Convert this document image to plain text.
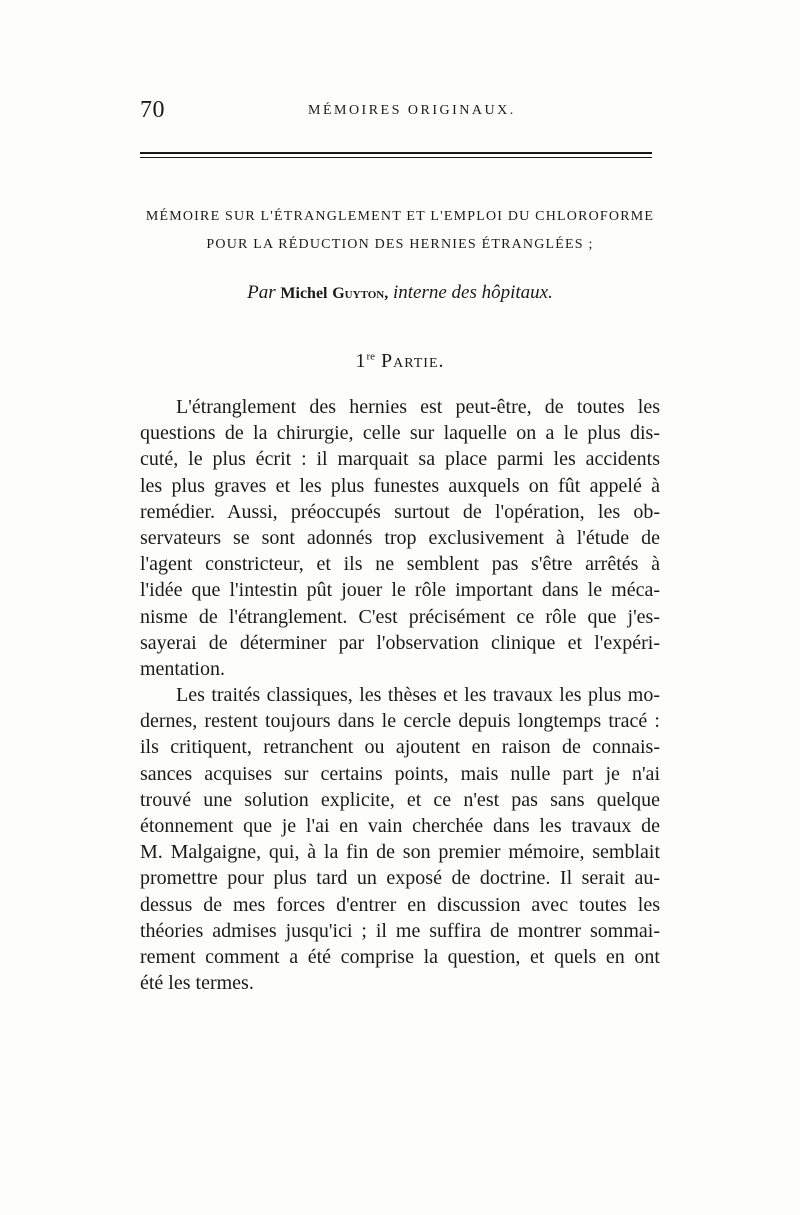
70	MÉMOIRES ORIGINAUX.
MÉMOIRE SUR L'ÉTRANGLEMENT ET L'EMPLOI DU CHLOROFORME
POUR LA RÉDUCTION DES HERNIES ÉTRANGLÉES ;
Par Michel Guyton, interne des hôpitaux.
1re Partie.
L'étranglement des hernies est peut-être, de toutes les
questions de la chirurgie, celle sur laquelle on a le plus dis-
cuté, le plus écrit : il marquait sa place parmi les accidents
les plus graves et les plus funestes auxquels on fût appelé à
remédier. Aussi, préoccupés surtout de l'opération, les ob-
servateurs se sont adonnés trop exclusivement à l'étude de
l'agent constricteur, et ils ne semblent pas s'être arrêtés à
l'idée que l'intestin pût jouer le rôle important dans le méca-
nisme de l'étranglement. C'est précisément ce rôle que j'es-
sayerai de déterminer par l'observation clinique et l'expéri-
mentation.
Les traités classiques, les thèses et les travaux les plus mo-
dernes, restent toujours dans le cercle depuis longtemps tracé :
ils critiquent, retranchent ou ajoutent en raison de connais-
sances acquises sur certains points, mais nulle part je n'ai
trouvé une solution explicite, et ce n'est pas sans quelque
étonnement que je l'ai en vain cherchée dans les travaux de
M. Malgaigne, qui, à la fin de son premier mémoire, semblait
promettre pour plus tard un exposé de doctrine. Il serait au-
dessus de mes forces d'entrer en discussion avec toutes les
théories admises jusqu'ici ; il me suffira de montrer sommai-
rement comment a été comprise la question, et quels en ont
été les termes.
